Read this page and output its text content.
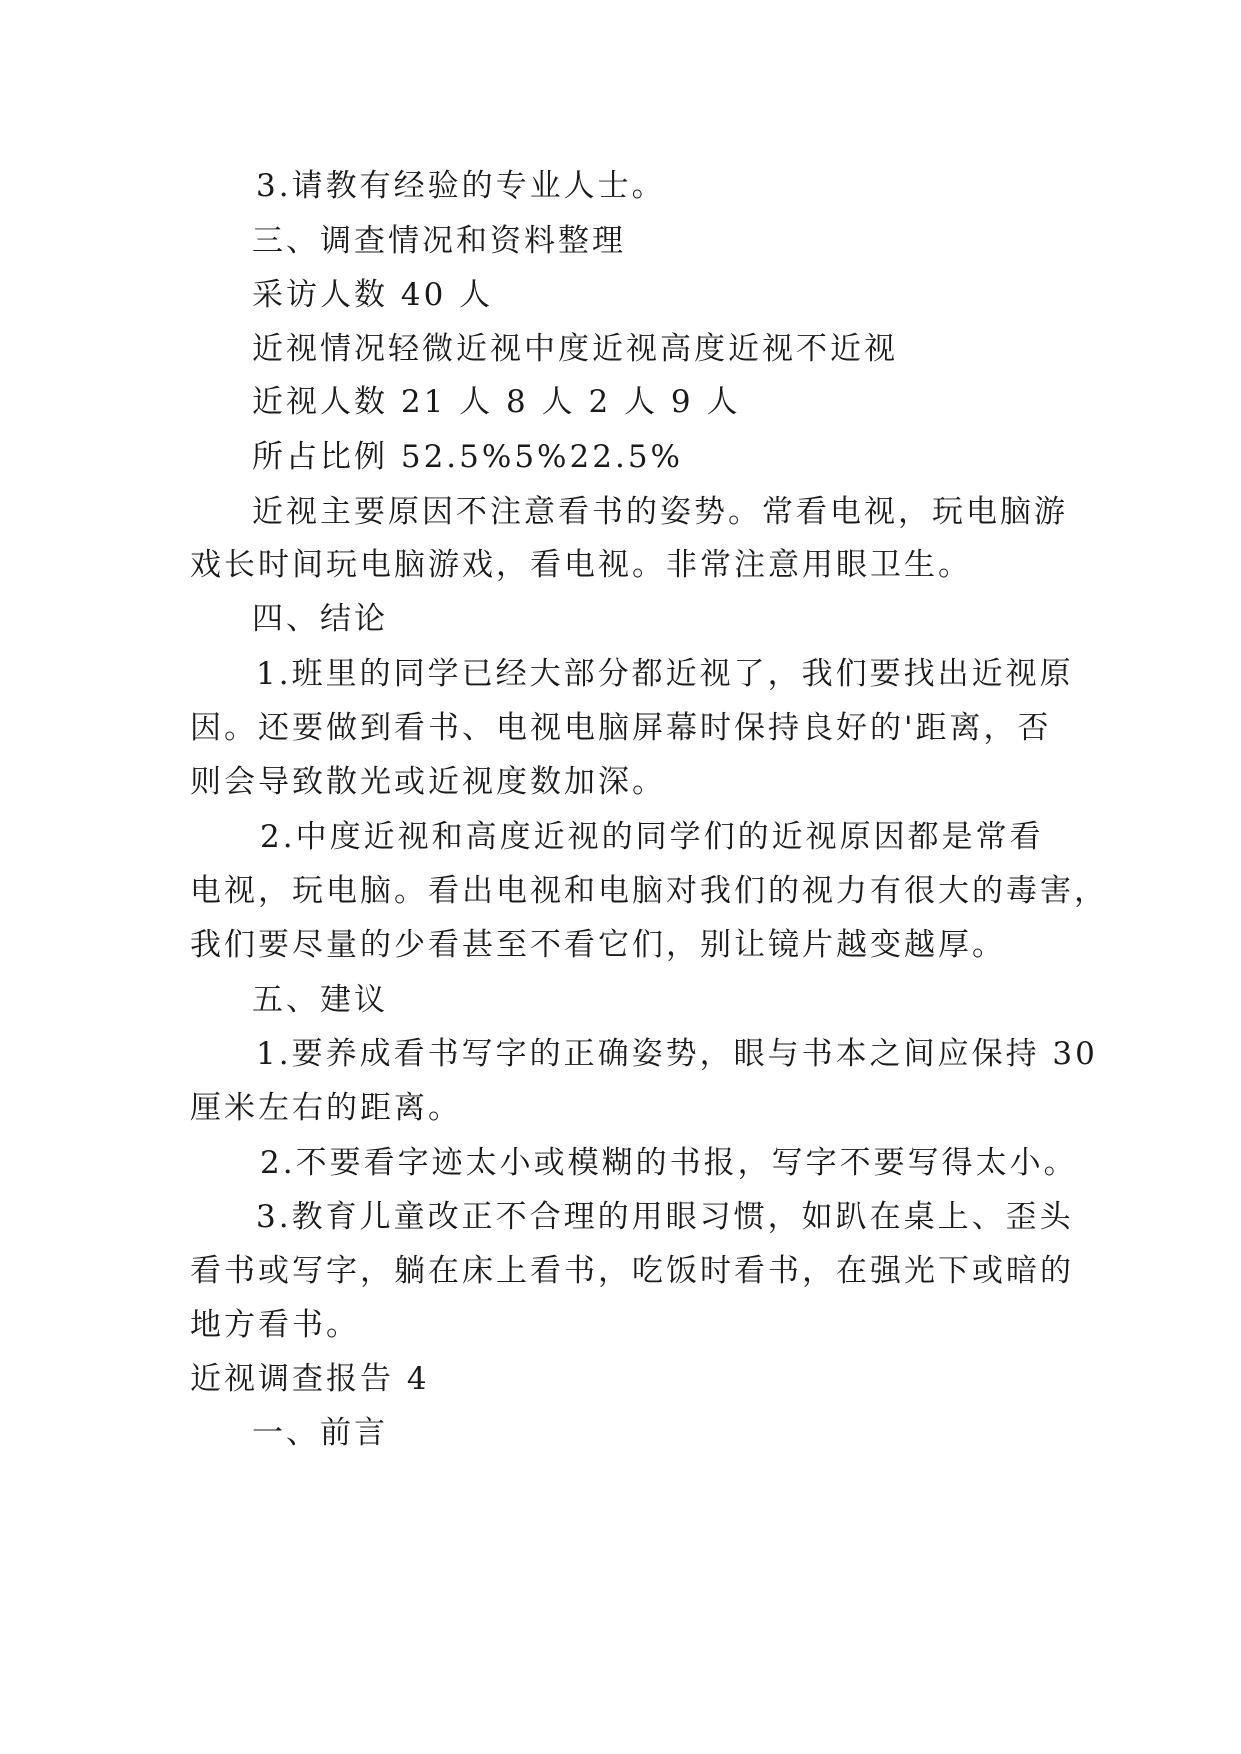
3.请教有经验的专业人士。
三、调查情况和资料整理
采访人数 40 人
近视情况轻微近视中度近视高度近视不近视
近视人数 21 人 8 人 2 人 9 人
所占比例 52.5%5%22.5%
近视主要原因不注意看书的姿势。常看电视，玩电脑游
戏长时间玩电脑游戏，看电视。非常注意用眼卫生。
四、结论
1.班里的同学已经大部分都近视了，我们要找出近视原
因。还要做到看书、电视电脑屏幕时保持良好的'距离，否
则会导致散光或近视度数加深。
2.中度近视和高度近视的同学们的近视原因都是常看
电视，玩电脑。看出电视和电脑对我们的视力有很大的毒害，
我们要尽量的少看甚至不看它们，别让镜片越变越厚。
五、建议
1.要养成看书写字的正确姿势，眼与书本之间应保持 30
厘米左右的距离。
2.不要看字迹太小或模糊的书报，写字不要写得太小。
3.教育儿童改正不合理的用眼习惯，如趴在桌上、歪头
看书或写字，躺在床上看书，吃饭时看书，在强光下或暗的
地方看书。
近视调查报告 4
一、前言
